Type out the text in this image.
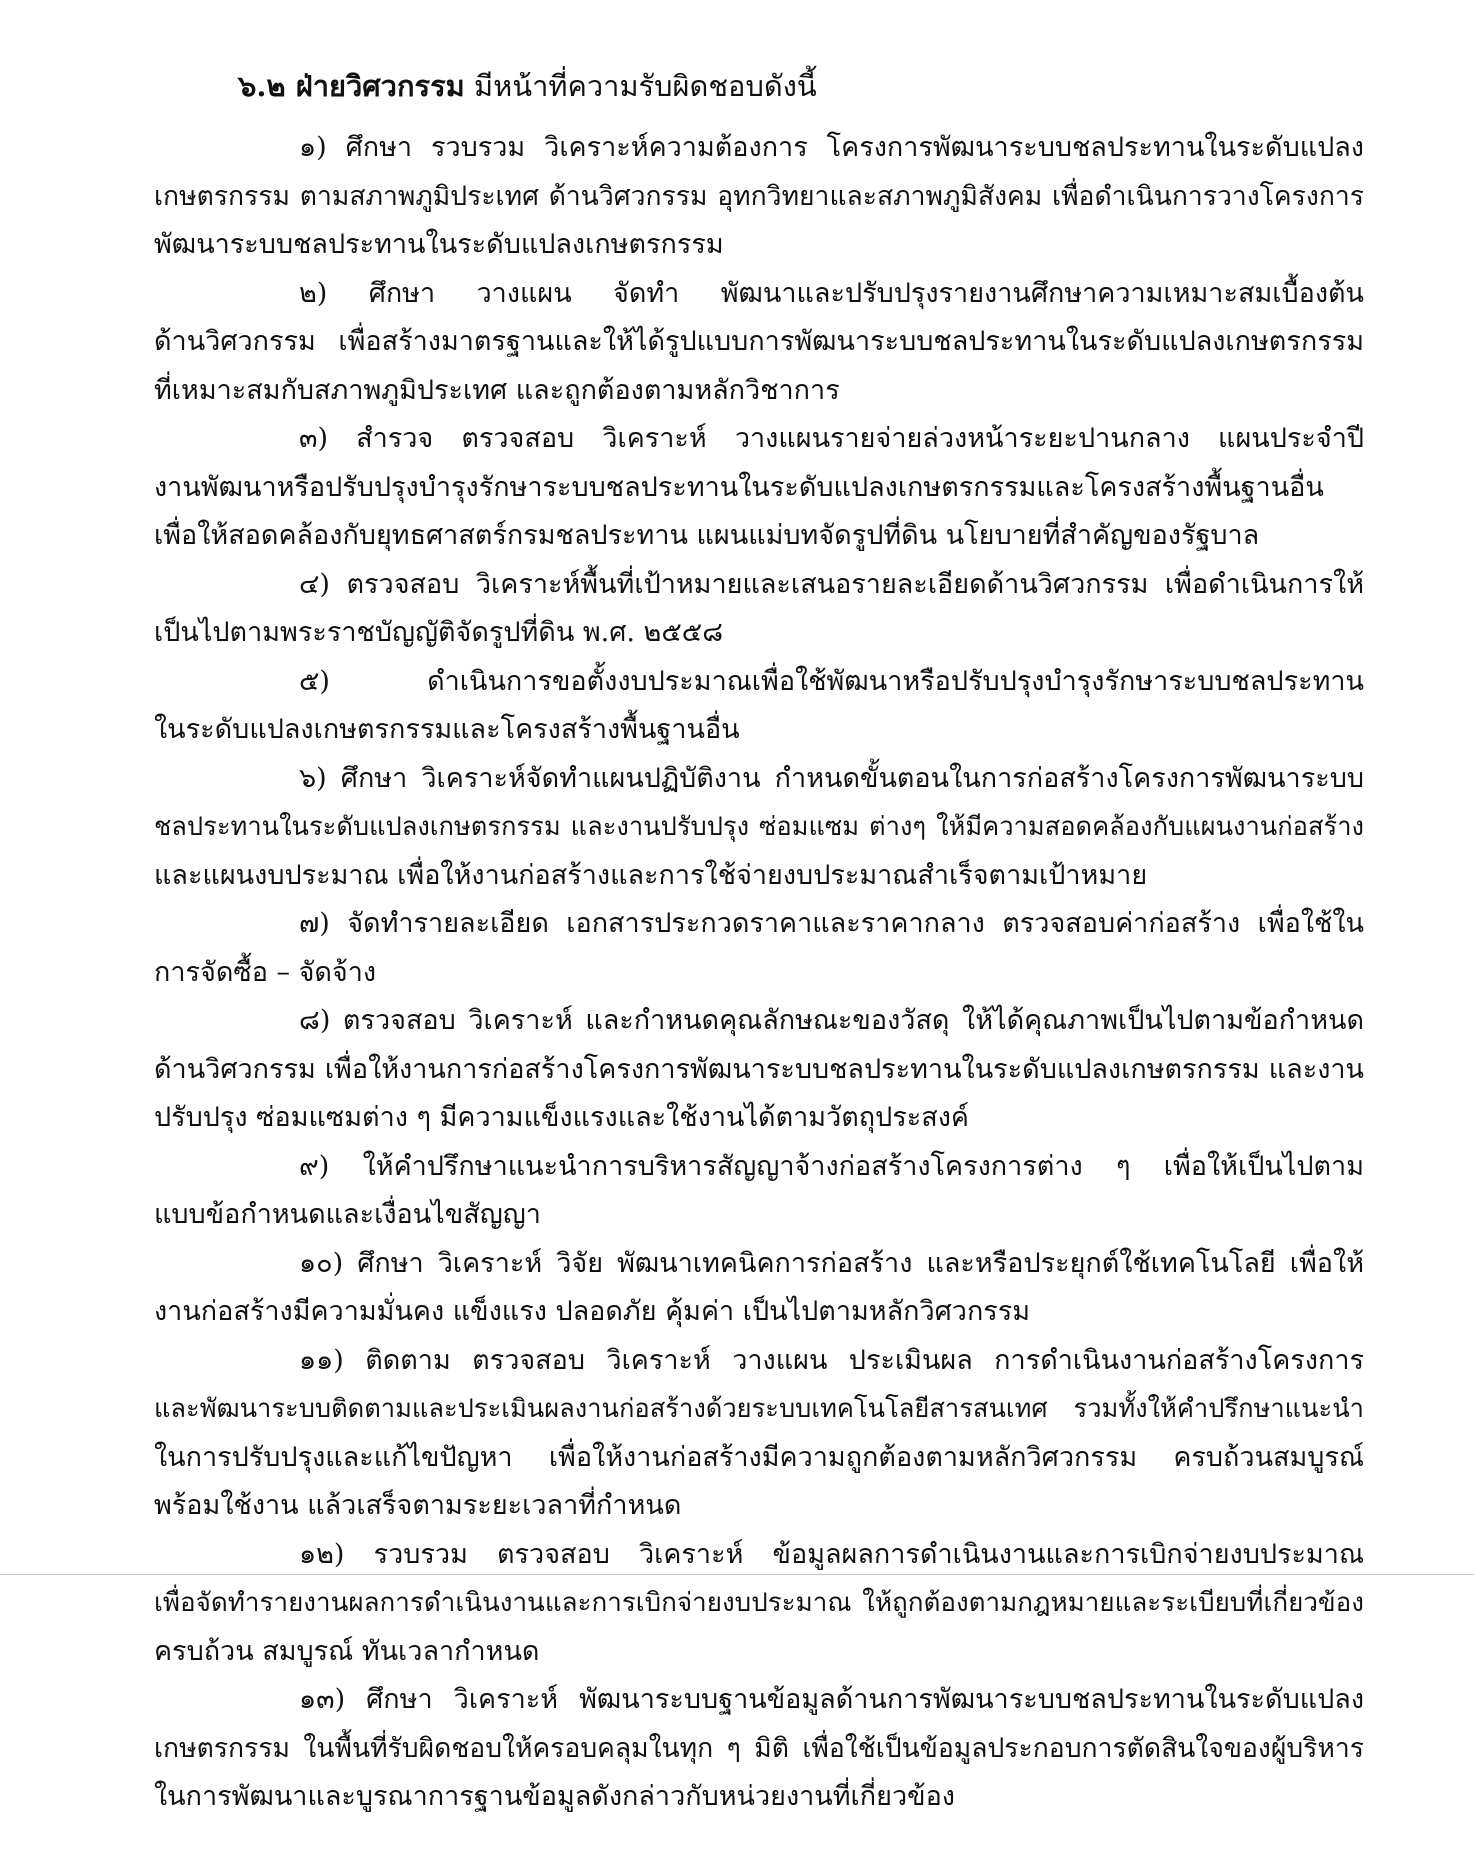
๖.๒ ฝ่ายวิศวกรรม มีหน้าที่ความรับผิดชอบดังนี้
๑) ศึกษา รวบรวม วิเคราะห์ความต้องการ โครงการพัฒนาระบบชลประทานในระดับแปลง
เกษตรกรรม ตามสภาพภูมิประเทศ ด้านวิศวกรรม อุทกวิทยาและสภาพภูมิสังคม เพื่อดำเนินการวางโครงการ
พัฒนาระบบชลประทานในระดับแปลงเกษตรกรรม
๒) ศึกษา วางแผน จัดทำ พัฒนาและปรับปรุงรายงานศึกษาความเหมาะสมเบื้องต้น
ด้านวิศวกรรม เพื่อสร้างมาตรฐานและให้ได้รูปแบบการพัฒนาระบบชลประทานในระดับแปลงเกษตรกรรม
ที่เหมาะสมกับสภาพภูมิประเทศ และถูกต้องตามหลักวิชาการ
๓) สำรวจ ตรวจสอบ วิเคราะห์ วางแผนรายจ่ายล่วงหน้าระยะปานกลาง แผนประจำปี
งานพัฒนาหรือปรับปรุงบำรุงรักษาระบบชลประทานในระดับแปลงเกษตรกรรมและโครงสร้างพื้นฐานอื่น
เพื่อให้สอดคล้องกับยุทธศาสตร์กรมชลประทาน แผนแม่บทจัดรูปที่ดิน นโยบายที่สำคัญของรัฐบาล
๔) ตรวจสอบ วิเคราะห์พื้นที่เป้าหมายและเสนอรายละเอียดด้านวิศวกรรม เพื่อดำเนินการให้
เป็นไปตามพระราชบัญญัติจัดรูปที่ดิน พ.ศ. ๒๕๕๘
๕) ดำเนินการขอตั้งงบประมาณเพื่อใช้พัฒนาหรือปรับปรุงบำรุงรักษาระบบชลประทาน
ในระดับแปลงเกษตรกรรมและโครงสร้างพื้นฐานอื่น
๖) ศึกษา วิเคราะห์จัดทำแผนปฏิบัติงาน กำหนดขั้นตอนในการก่อสร้างโครงการพัฒนาระบบ
ชลประทานในระดับแปลงเกษตรกรรม และงานปรับปรุง ซ่อมแซม ต่างๆ ให้มีความสอดคล้องกับแผนงานก่อสร้าง
และแผนงบประมาณ เพื่อให้งานก่อสร้างและการใช้จ่ายงบประมาณสำเร็จตามเป้าหมาย
๗) จัดทำรายละเอียด เอกสารประกวดราคาและราคากลาง ตรวจสอบค่าก่อสร้าง เพื่อใช้ใน
การจัดซื้อ – จัดจ้าง
๘) ตรวจสอบ วิเคราะห์ และกำหนดคุณลักษณะของวัสดุ ให้ได้คุณภาพเป็นไปตามข้อกำหนด
ด้านวิศวกรรม เพื่อให้งานการก่อสร้างโครงการพัฒนาระบบชลประทานในระดับแปลงเกษตรกรรม และงาน
ปรับปรุง ซ่อมแซมต่าง ๆ มีความแข็งแรงและใช้งานได้ตามวัตถุประสงค์
๙) ให้คำปรึกษาแนะนำการบริหารสัญญาจ้างก่อสร้างโครงการต่าง ๆ เพื่อให้เป็นไปตาม
แบบข้อกำหนดและเงื่อนไขสัญญา
๑๐) ศึกษา วิเคราะห์ วิจัย พัฒนาเทคนิคการก่อสร้าง และหรือประยุกต์ใช้เทคโนโลยี เพื่อให้
งานก่อสร้างมีความมั่นคง แข็งแรง ปลอดภัย คุ้มค่า เป็นไปตามหลักวิศวกรรม
๑๑) ติดตาม ตรวจสอบ วิเคราะห์ วางแผน ประเมินผล การดำเนินงานก่อสร้างโครงการ
และพัฒนาระบบติดตามและประเมินผลงานก่อสร้างด้วยระบบเทคโนโลยีสารสนเทศ รวมทั้งให้คำปรึกษาแนะนำ
ในการปรับปรุงและแก้ไขปัญหา เพื่อให้งานก่อสร้างมีความถูกต้องตามหลักวิศวกรรม ครบถ้วนสมบูรณ์
พร้อมใช้งาน แล้วเสร็จตามระยะเวลาที่กำหนด
๑๒) รวบรวม ตรวจสอบ วิเคราะห์ ข้อมูลผลการดำเนินงานและการเบิกจ่ายงบประมาณ
เพื่อจัดทำรายงานผลการดำเนินงานและการเบิกจ่ายงบประมาณ ให้ถูกต้องตามกฎหมายและระเบียบที่เกี่ยวข้อง
ครบถ้วน สมบูรณ์ ทันเวลากำหนด
๑๓) ศึกษา วิเคราะห์ พัฒนาระบบฐานข้อมูลด้านการพัฒนาระบบชลประทานในระดับแปลง
เกษตรกรรม ในพื้นที่รับผิดชอบให้ครอบคลุมในทุก ๆ มิติ เพื่อใช้เป็นข้อมูลประกอบการตัดสินใจของผู้บริหาร
ในการพัฒนาและบูรณาการฐานข้อมูลดังกล่าวกับหน่วยงานที่เกี่ยวข้อง
